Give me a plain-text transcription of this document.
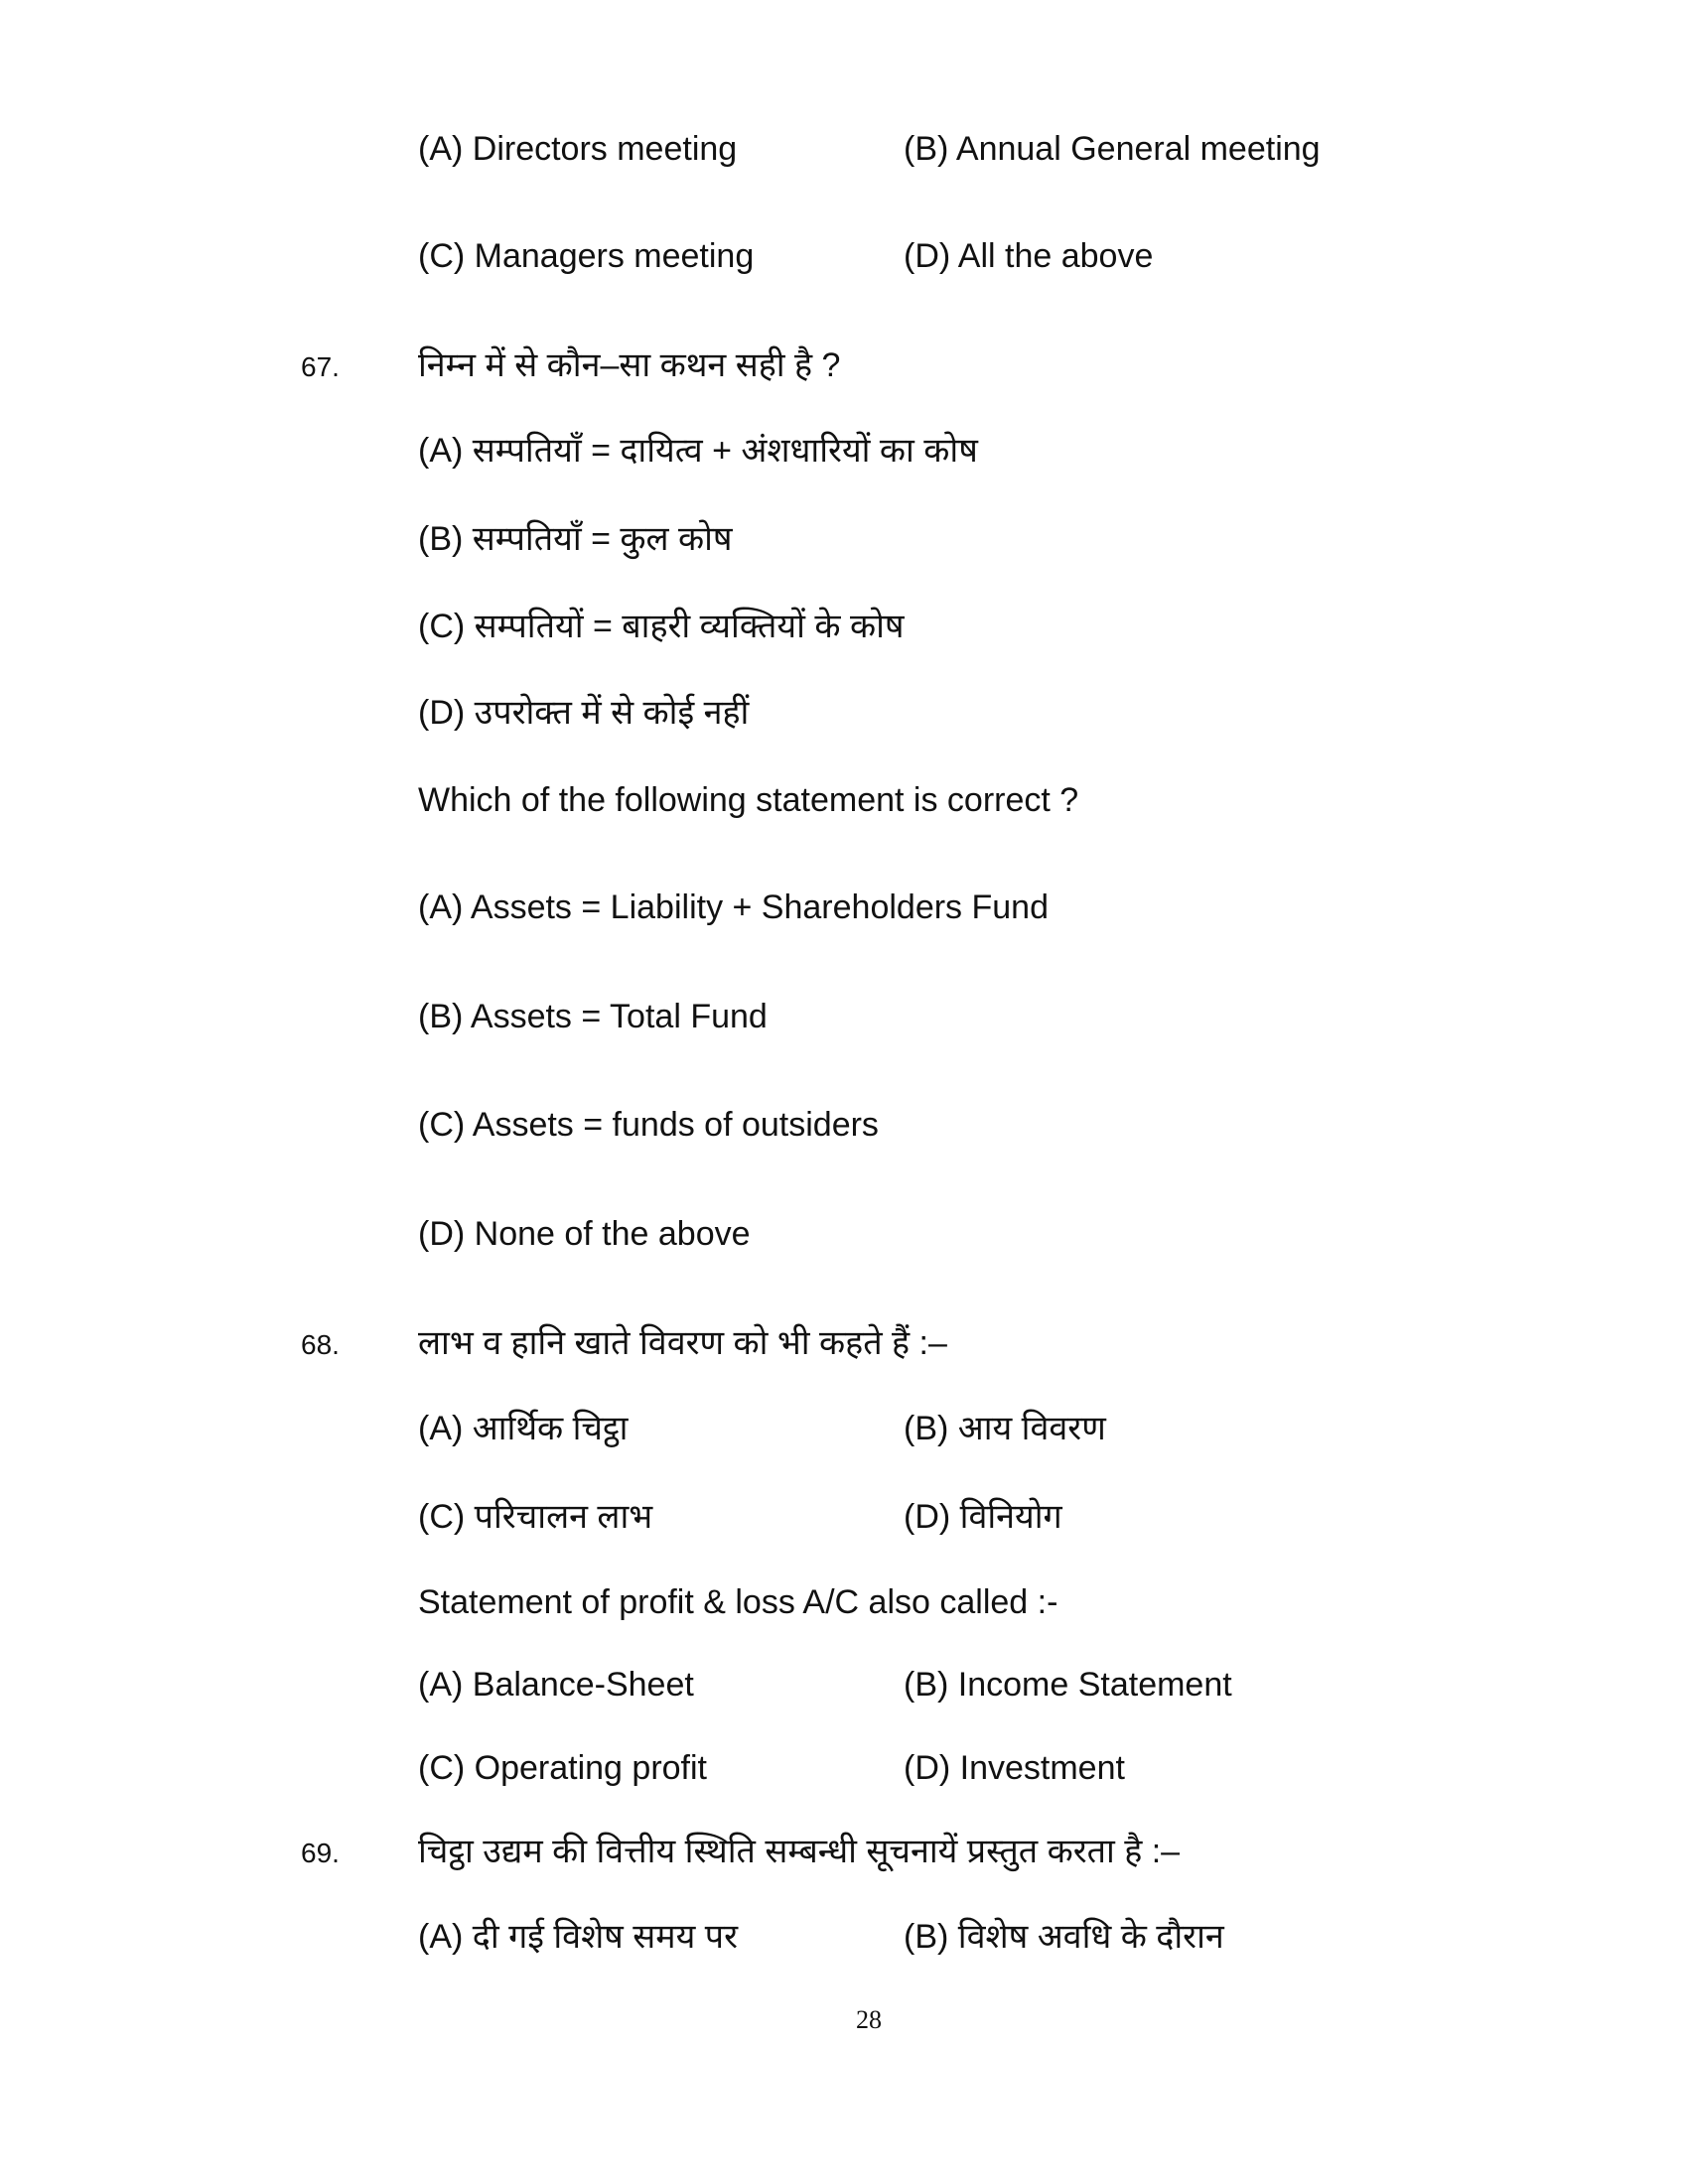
(A) Directors meeting	(B) Annual General meeting
(C) Managers meeting	(D) All the above
67. निम्न में से कौन–सा कथन सही है ?
(A) सम्पतियाँ = दायित्व + अंशधारियों का कोष
(B) सम्पतियाँ = कुल कोष
(C) सम्पतियों = बाहरी व्यक्तियों के कोष
(D) उपरोक्त में से कोई नहीं
Which of the following statement is correct ?
(A) Assets = Liability + Shareholders Fund
(B) Assets = Total Fund
(C) Assets = funds of outsiders
(D) None of the above
68. लाभ व हानि खाते विवरण को भी कहते हैं :–
(A) आर्थिक चिट्ठा	(B) आय विवरण
(C) परिचालन लाभ	(D) विनियोग
Statement of profit & loss A/C also called :-
(A) Balance-Sheet	(B) Income Statement
(C) Operating profit	(D) Investment
69. चिट्ठा उद्यम की वित्तीय स्थिति सम्बन्धी सूचनायें प्रस्तुत करता है :–
(A) दी गई विशेष समय पर	(B) विशेष अवधि के दौरान
28
